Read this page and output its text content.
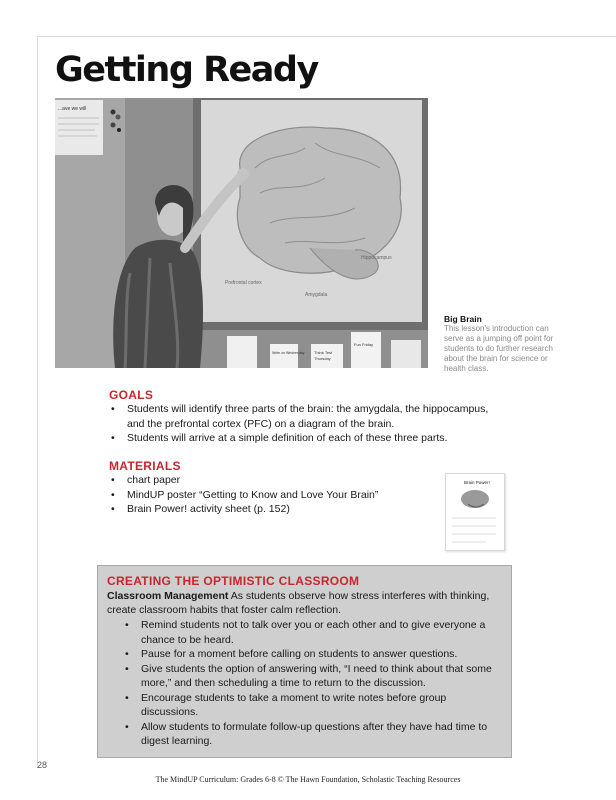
Getting Ready
...ave we will
Prefrontal cortex
Amygdala
Hippocampus
Write on Wednesday Think Test
Thursday
Fun Friday
Big Brain
This lesson's introduction can serve as a jumping off point for students to do further research about the brain for science or health class.
GOALS
• Students will identify three parts of the brain: the amygdala, the hippocampus, and the prefrontal cortex (PFC) on a diagram of the brain.
• Students will arrive at a simple definition of each of these three parts.
MATERIALS
• chart paper
• MindUP poster “Getting to Know and Love Your Brain”
• Brain Power! activity sheet (p. 152)
Brain Power!
CREATING THE OPTIMISTIC CLASSROOM
Classroom Management As students observe how stress interferes with thinking, create classroom habits that foster calm reflection.
• Remind students not to talk over you or each other and to give everyone a chance to be heard.
• Pause for a moment before calling on students to answer questions.
• Give students the option of answering with, “I need to think about that some more,” and then scheduling a time to return to the discussion.
• Encourage students to take a moment to write notes before group discussions.
• Allow students to formulate follow-up questions after they have had time to digest learning.
28
The MindUP Curriculum: Grades 6-8 © The Hawn Foundation, Scholastic Teaching Resources
